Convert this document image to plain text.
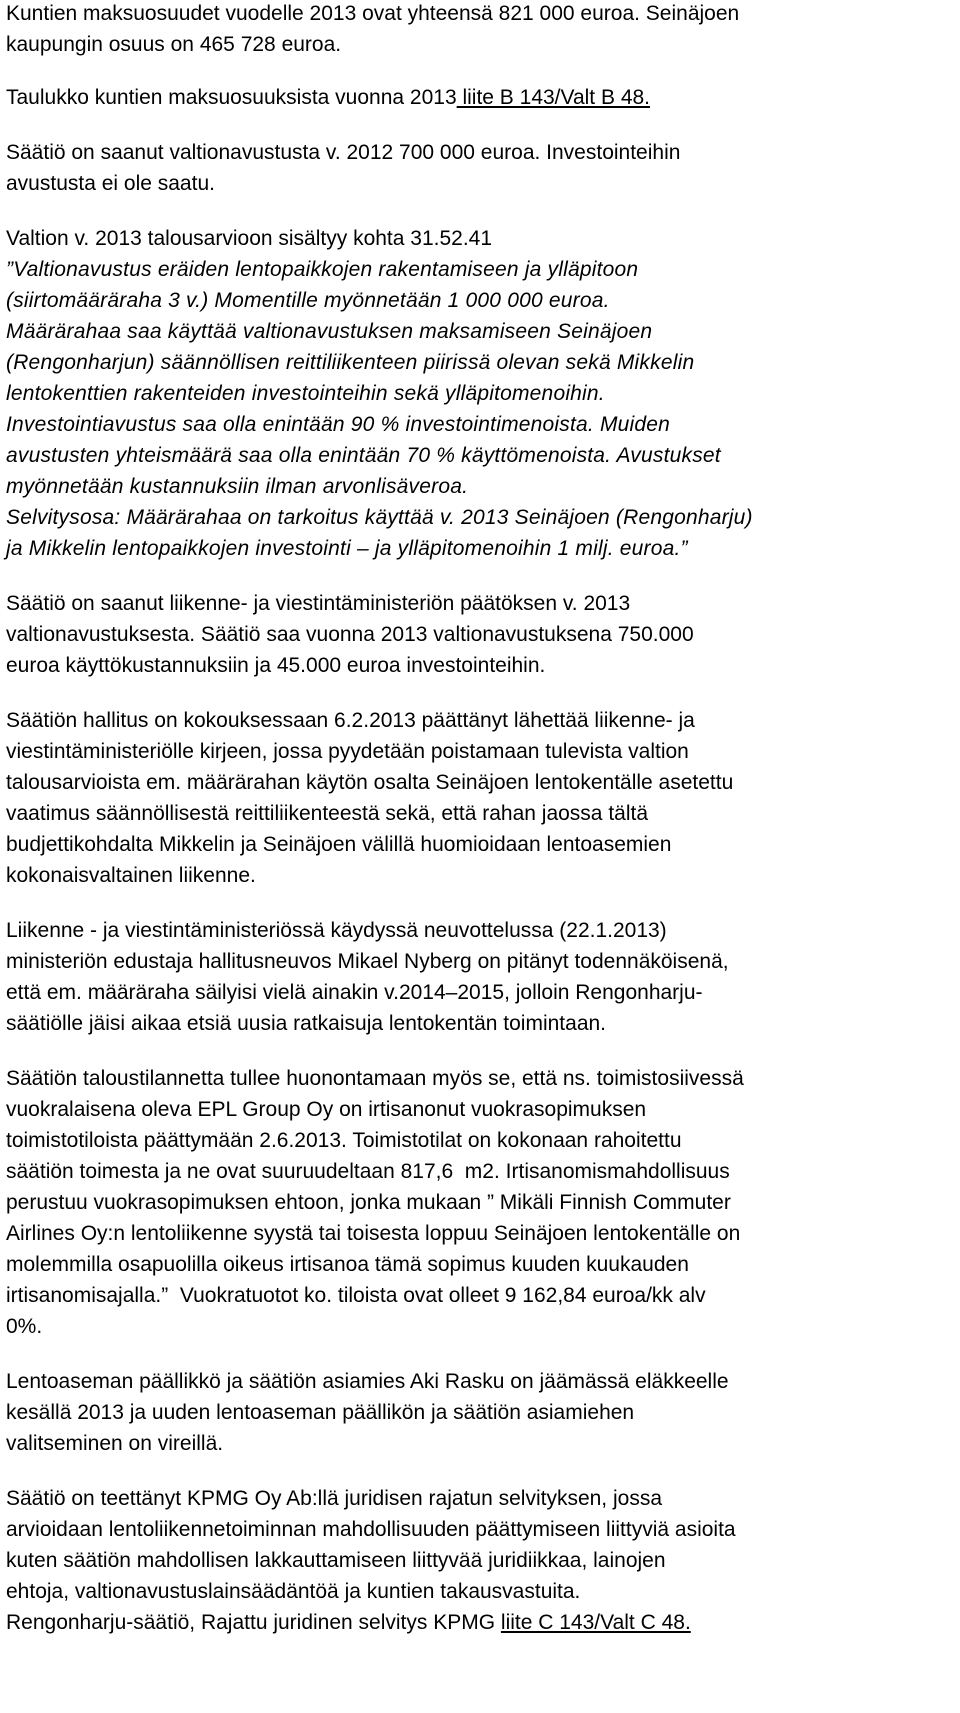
Kuntien maksuosuudet vuodelle 2013 ovat yhteensä 821 000 euroa. Seinäjoen

kaupungin osuus on 465 728 euroa.

Taulukko kuntien maksuosuuksista vuonna 2013 liite B 143/Valt B 48.

Säätiö on saanut valtionavustusta v. 2012 700 000 euroa. Investointeihin

avustusta ei ole saatu.

Valtion v. 2013 talousarvioon sisältyy kohta 31.52.41

”Valtionavustus eräiden lentopaikkojen rakentamiseen ja ylläpitoon

(siirtomääräraha 3 v.) Momentille myönnetään 1 000 000 euroa.

Määrärahaa saa käyttää valtionavustuksen maksamiseen Seinäjoen

(Rengonharjun) säännöllisen reittiliikenteen piirissä olevan sekä Mikkelin

lentokenttien rakenteiden investointeihin sekä ylläpitomenoihin.

Investointiavustus saa olla enintään 90 % investointimenoista. Muiden

avustusten yhteismäärä saa olla enintään 70 % käyttömenoista. Avustukset

myönnetään kustannuksiin ilman arvonlisäveroa.

Selvitysosa: Määrärahaa on tarkoitus käyttää v. 2013 Seinäjoen (Rengonharju)

ja Mikkelin lentopaikkojen investointi – ja ylläpitomenoihin 1 milj. euroa.”

Säätiö on saanut liikenne- ja viestintäministeriön päätöksen v. 2013

valtionavustuksesta. Säätiö saa vuonna 2013 valtionavustuksena 750.000

euroa käyttökustannuksiin ja 45.000 euroa investointeihin.

Säätiön hallitus on kokouksessaan 6.2.2013 päättänyt lähettää liikenne- ja

viestintäministeriölle kirjeen, jossa pyydetään poistamaan tulevista valtion

talousarvioista em. määrärahan käytön osalta Seinäjoen lentokentälle asetettu

vaatimus säännöllisestä reittiliikenteestä sekä, että rahan jaossa tältä

budjettikohdalta Mikkelin ja Seinäjoen välillä huomioidaan lentoasemien

kokonaisvaltainen liikenne.

Liikenne - ja viestintäministeriössä käydyssä neuvottelussa (22.1.2013)

ministeriön edustaja hallitusneuvos Mikael Nyberg on pitänyt todennäköisenä,

että em. määräraha säilyisi vielä ainakin v.2014–2015, jolloin Rengonharju-

säätiölle jäisi aikaa etsiä uusia ratkaisuja lentokentän toimintaan.

Säätiön taloustilannetta tullee huonontamaan myös se, että ns. toimistosiivessä

vuokralaisena oleva EPL Group Oy on irtisanonut vuokrasopimuksen

toimistotiloista päättymään 2.6.2013. Toimistotilat on kokonaan rahoitettu

säätiön toimesta ja ne ovat suuruudeltaan 817,6  m2. Irtisanomismahdollisuus

perustuu vuokrasopimuksen ehtoon, jonka mukaan ” Mikäli Finnish Commuter

Airlines Oy:n lentoliikenne syystä tai toisesta loppuu Seinäjoen lentokentälle on

molemmilla osapuolilla oikeus irtisanoa tämä sopimus kuuden kuukauden

irtisanomisajalla.”  Vuokratuotot ko. tiloista ovat olleet 9 162,84 euroa/kk alv

0%.

Lentoaseman päällikkö ja säätiön asiamies Aki Rasku on jäämässä eläkkeelle

kesällä 2013 ja uuden lentoaseman päällikön ja säätiön asiamiehen

valitseminen on vireillä.

Säätiö on teettänyt KPMG Oy Ab:llä juridisen rajatun selvityksen, jossa

arvioidaan lentoliikennetoiminnan mahdollisuuden päättymiseen liittyviä asioita

kuten säätiön mahdollisen lakkauttamiseen liittyvää juridiikkaa, lainojen

ehtoja, valtionavustuslainsäädäntöä ja kuntien takausvastuita.

Rengonharju-säätiö, Rajattu juridinen selvitys KPMG liite C 143/Valt C 48.
